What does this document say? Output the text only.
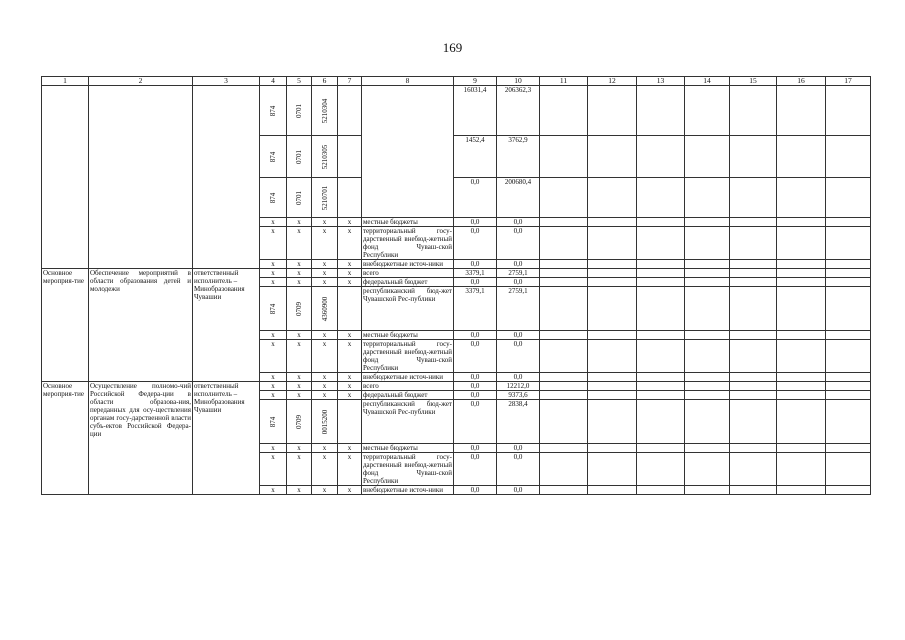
169
1	2	3	4	5	6	7	8	9	10	11	12	13	14	15	16	17

			874	0701	5210304			16031,4	206362,3							

			874	0701	5210305			1452,4	3762,9							

			874	0701	5210701			0,0	200680,4							
			x	x	x	x	местные бюджеты	0,0	0,0							
			x	x	x	x	территориальный госу-дарственный внебюд-жетный фонд Чуваш-ской Республики	0,0	0,0							
			x	x	x	x	внебюджетные источ-ники	0,0	0,0							
Основное мероприя-тие	Обеспечение мероприятий в области образования детей и молодежи	ответственный исполнитель – Минобразования Чувашии	x	x	x	x	всего	3379,1	2759,1							
			x	x	x	x	федеральный бюджет	0,0	0,0							

			874	0709	4360900		республиканский бюд-жет Чувашской Рес-публики	3379,1	2759,1							
			x	x	x	x	местные бюджеты	0,0	0,0							
			x	x	x	x	территориальный госу-дарственный внебюд-жетный фонд Чуваш-ской Республики	0,0	0,0							
			x	x	x	x	внебюджетные источ-ники	0,0	0,0							
Основное мероприя-тие	Осуществление полномо-чий Российской Федера-ции в области образова-ния, переданных для осу-ществления органам госу-дарственной власти субъ-ектов Российской Федера-ции	ответственный исполнитель – Минобразования Чувашии	x	x	x	x	всего	0,0	12212,0							
			x	x	x	x	федеральный бюджет	0,0	9373,6							

			874	0709	0015200		республиканский бюд-жет Чувашской Рес-публики	0,0	2838,4							
			x	x	x	x	местные бюджеты	0,0	0,0							
			x	x	x	x	территориальный госу-дарственный внебюд-жетный фонд Чуваш-ской Республики	0,0	0,0							
			x	x	x	x	внебюджетные источ-ники	0,0	0,0							
